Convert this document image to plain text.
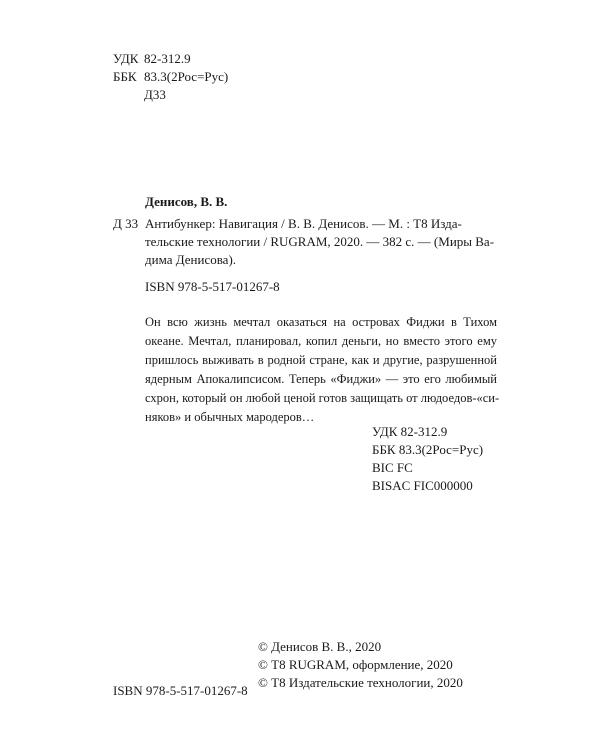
УДК 82-312.9
ББК 83.3(2Рос=Рус)
Д33
Денисов, В. В.
Д 33 Антибункер: Навигация / В. В. Денисов. — М. : Т8 Изда-
тельские технологии / RUGRAM, 2020. — 382 с. — (Миры Ва-
дима Денисова).
ISBN 978-5-517-01267-8
Он всю жизнь мечтал оказаться на островах Фиджи в Тихом
океане. Мечтал, планировал, копил деньги, но вместо этого ему
пришлось выживать в родной стране, как и другие, разрушенной
ядерным Апокалипсисом. Теперь «Фиджи» — это его любимый
схрон, который он любой ценой готов защищать от людоедов-«си-
няков» и обычных мародеров…
УДК 82-312.9
ББК 83.3(2Рос=Рус)
BIC FC
BISAC FIC000000
© Денисов В. В., 2020
© Т8 RUGRAM, оформление, 2020
© Т8 Издательские технологии, 2020
ISBN 978-5-517-01267-8
